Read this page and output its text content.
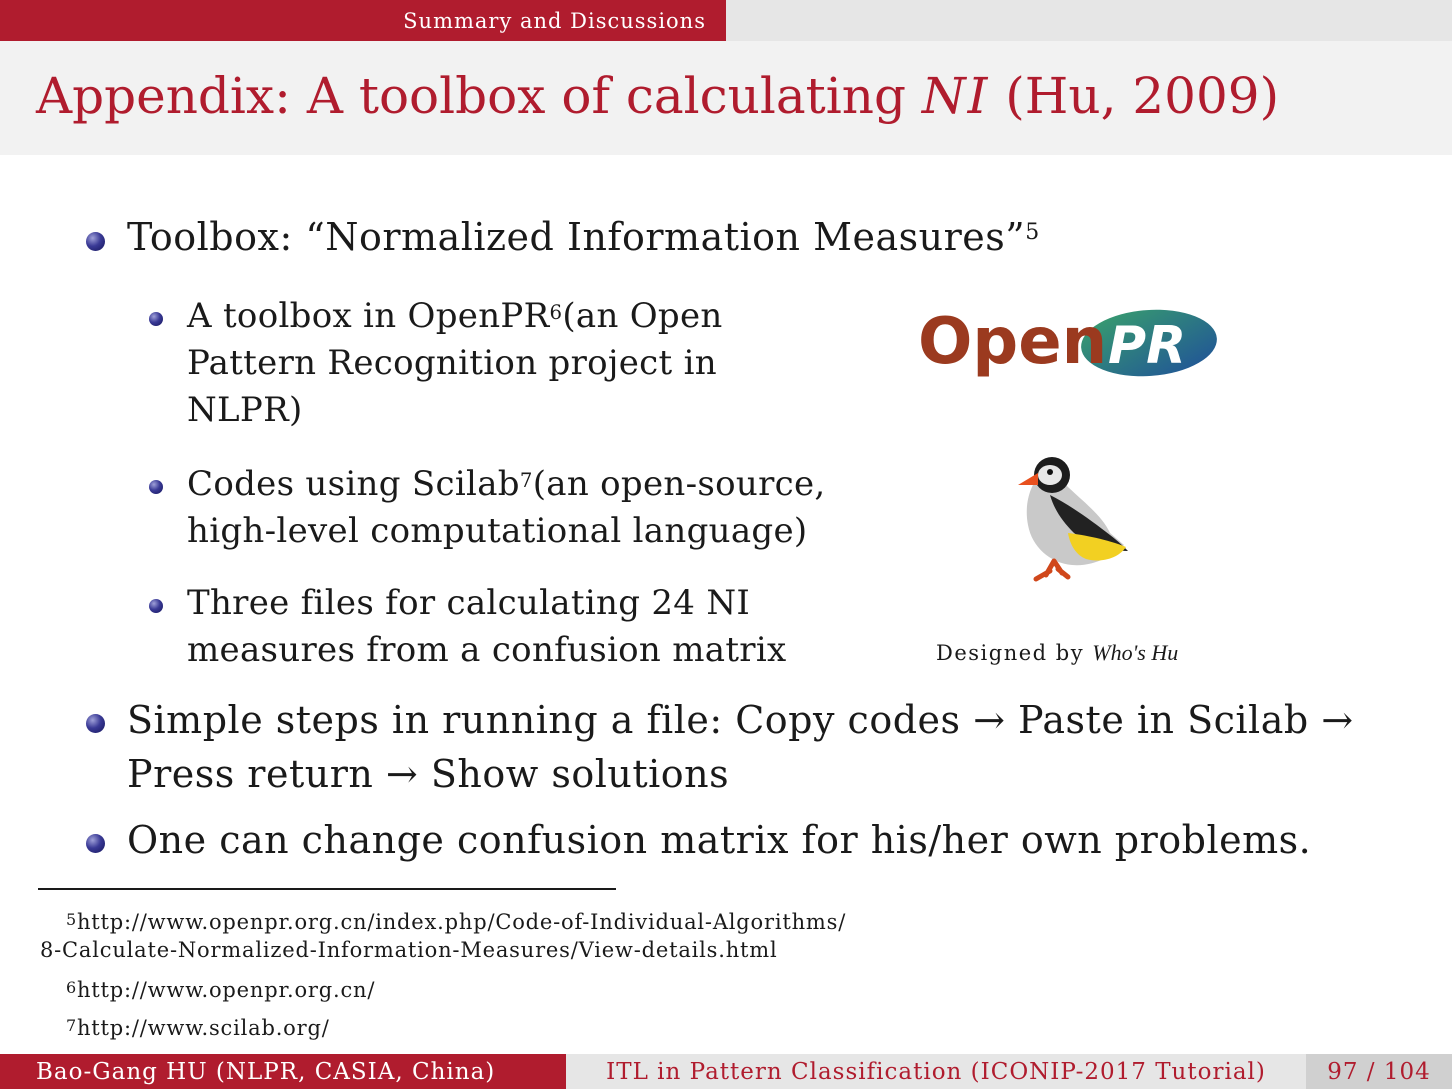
Summary and Discussions
Appendix: A toolbox of calculating NI (Hu, 2009)
Toolbox: “Normalized Information Measures”$^5$
A toolbox in OpenPR$^6$(an Open
Pattern Recognition project in
NLPR)
Codes using Scilab$^7$(an open-source,
high-level computational language)
Three files for calculating 24 NI
measures from a confusion matrix
Open PR
Designed by Who's Hu
Simple steps in running a file: Copy codes → Paste in Scilab →
Press return → Show solutions
One can change confusion matrix for his/her own problems.
$^5$http://www.openpr.org.cn/index.php/Code-of-Individual-Algorithms/
8-Calculate-Normalized-Information-Measures/View-details.html
$^6$http://www.openpr.org.cn/
$^7$http://www.scilab.org/
Bao-Gang HU (NLPR, CASIA, China)	ITL in Pattern Classification (ICONIP-2017 Tutorial)	97 / 104
